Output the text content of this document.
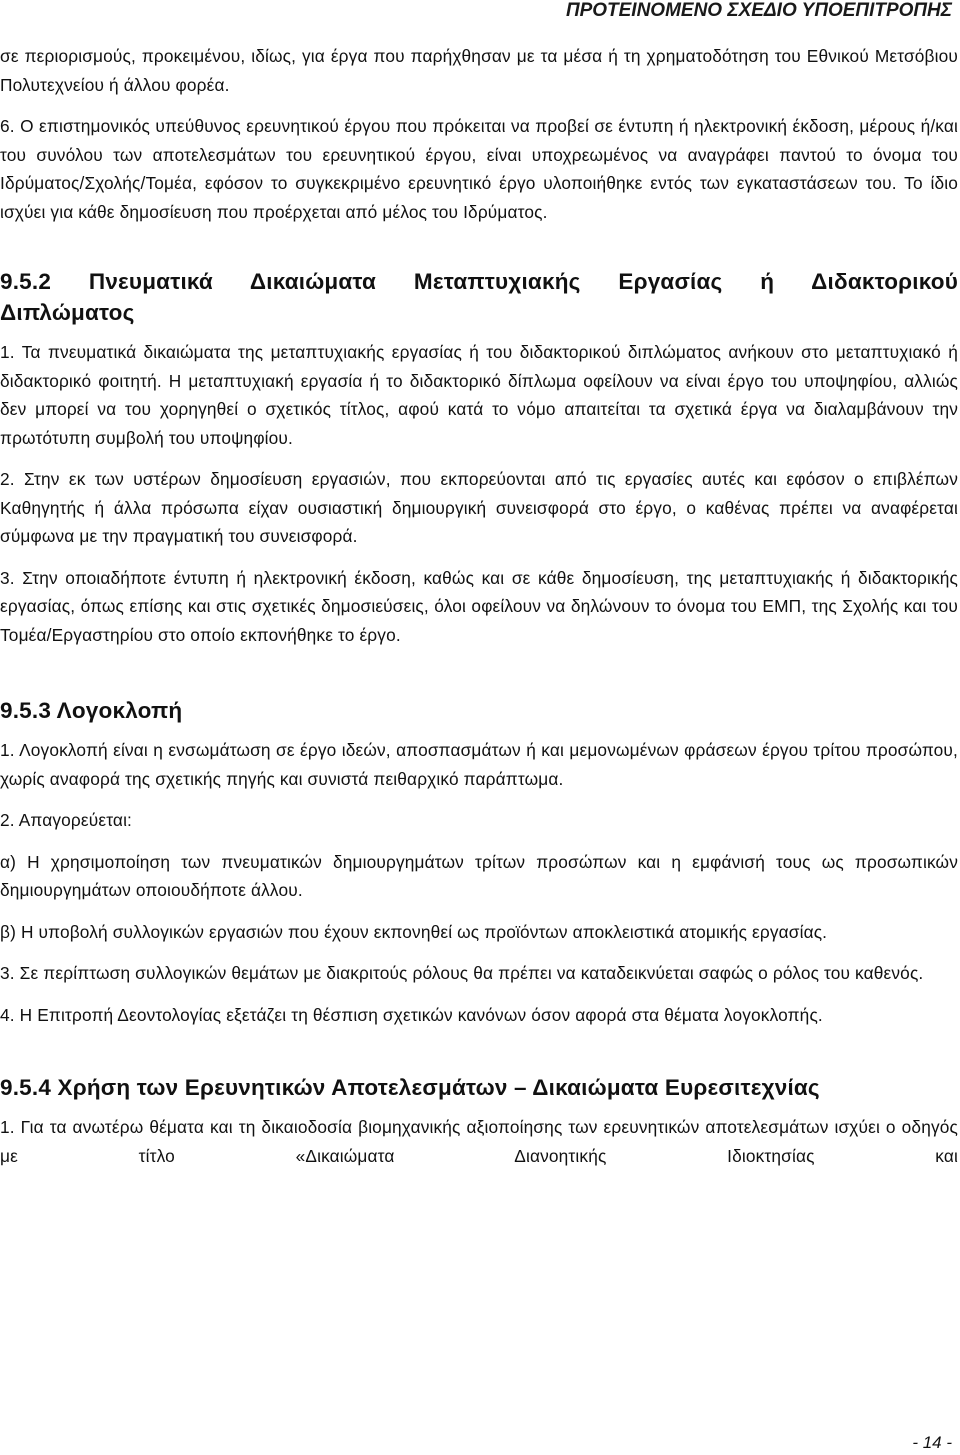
ΠΡΟΤΕΙΝΟΜΕΝΟ ΣΧΕΔΙΟ ΥΠΟΕΠΙΤΡΟΠΗΣ

σε περιορισμούς, προκειμένου, ιδίως, για έργα που παρήχθησαν με τα μέσα ή τη χρηματοδότηση του Εθνικού Μετσόβιου Πολυτεχνείου ή άλλου φορέα.

6. Ο επιστημονικός υπεύθυνος ερευνητικού έργου που πρόκειται να προβεί σε έντυπη ή ηλεκτρονική έκδοση, μέρους ή/και του συνόλου των αποτελεσμάτων του ερευνητικού έργου, είναι υποχρεωμένος να αναγράφει παντού το όνομα του Ιδρύματος/Σχολής/Τομέα, εφόσον το συγκεκριμένο ερευνητικό έργο υλοποιήθηκε εντός των εγκαταστάσεων του. Το ίδιο ισχύει για κάθε δημοσίευση που προέρχεται από μέλος του Ιδρύματος.

9.5.2 Πνευματικά Δικαιώματα Μεταπτυχιακής Εργασίας ή Διδακτορικού Διπλώματος

1. Τα πνευματικά δικαιώματα της μεταπτυχιακής εργασίας ή του διδακτορικού διπλώματος ανήκουν στο μεταπτυχιακό ή διδακτορικό φοιτητή. Η μεταπτυχιακή εργασία ή το διδακτορικό δίπλωμα οφείλουν να είναι έργο του υποψηφίου, αλλιώς δεν μπορεί να του χορηγηθεί ο σχετικός τίτλος, αφού κατά το νόμο απαιτείται τα σχετικά έργα να διαλαμβάνουν την πρωτότυπη συμβολή του υποψηφίου.

2. Στην εκ των υστέρων δημοσίευση εργασιών, που εκπορεύονται από τις εργασίες αυτές και εφόσον ο επιβλέπων Καθηγητής ή άλλα πρόσωπα είχαν ουσιαστική δημιουργική συνεισφορά στο έργο, ο καθένας πρέπει να αναφέρεται σύμφωνα με την πραγματική του συνεισφορά.

3. Στην οποιαδήποτε έντυπη ή ηλεκτρονική έκδοση, καθώς και σε κάθε δημοσίευση, της μεταπτυχιακής ή διδακτορικής εργασίας, όπως επίσης και στις σχετικές δημοσιεύσεις, όλοι οφείλουν να δηλώνουν το όνομα του ΕΜΠ, της Σχολής και του Τομέα/Εργαστηρίου στο οποίο εκπονήθηκε το έργο.

9.5.3 Λογοκλοπή

1. Λογοκλοπή είναι η ενσωμάτωση σε έργο ιδεών, αποσπασμάτων ή και μεμονωμένων φράσεων έργου τρίτου προσώπου, χωρίς αναφορά της σχετικής πηγής και συνιστά πειθαρχικό παράπτωμα.

2. Απαγορεύεται:

α) Η χρησιμοποίηση των πνευματικών δημιουργημάτων τρίτων προσώπων και η εμφάνισή τους ως προσωπικών δημιουργημάτων οποιουδήποτε άλλου.

β) Η υποβολή συλλογικών εργασιών που έχουν εκπονηθεί ως προϊόντων αποκλειστικά ατομικής εργασίας.

3. Σε περίπτωση συλλογικών θεμάτων με διακριτούς ρόλους θα πρέπει να καταδεικνύεται σαφώς ο ρόλος του καθενός.

4. Η Επιτροπή Δεοντολογίας εξετάζει τη θέσπιση σχετικών κανόνων όσον αφορά στα θέματα λογοκλοπής.

9.5.4 Χρήση των Ερευνητικών Αποτελεσμάτων – Δικαιώματα Ευρεσιτεχνίας

1. Για τα ανωτέρω θέματα και τη δικαιοδοσία βιομηχανικής αξιοποίησης των ερευνητικών αποτελεσμάτων ισχύει ο οδηγός με τίτλο «Δικαιώματα Διανοητικής Ιδιοκτησίας και

- 14 -
